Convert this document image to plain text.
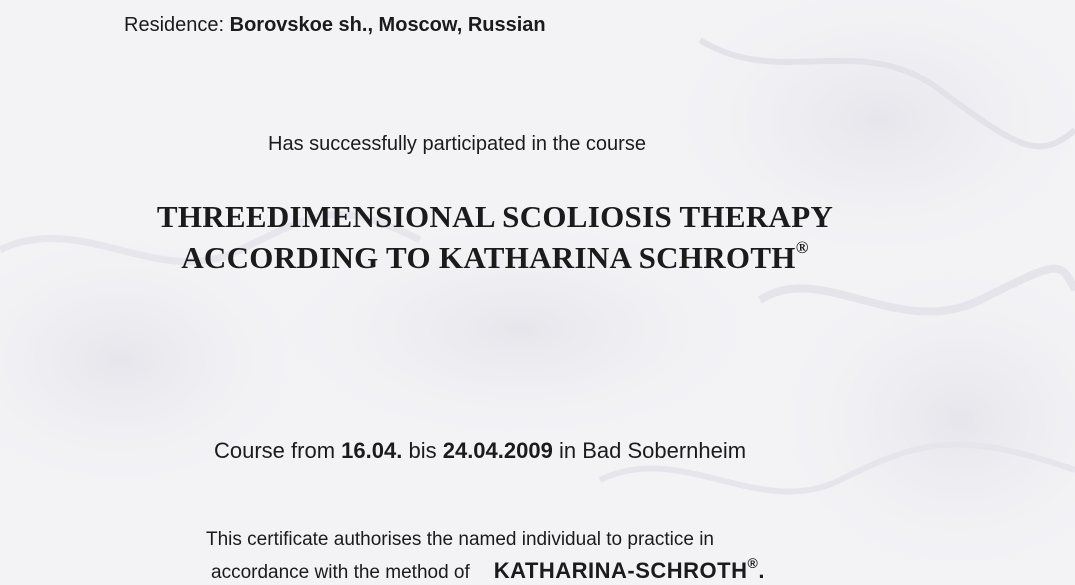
Residence: Borovskoe sh., Moscow, Russian
Has successfully participated in the course
THREEDIMENSIONAL SCOLIOSIS THERAPY
ACCORDING TO KATHARINA SCHROTH®
Course from 16.04. bis 24.04.2009 in Bad Sobernheim
This certificate authorises the named individual to practice in
accordance with the method of KATHARINA-SCHROTH®.
